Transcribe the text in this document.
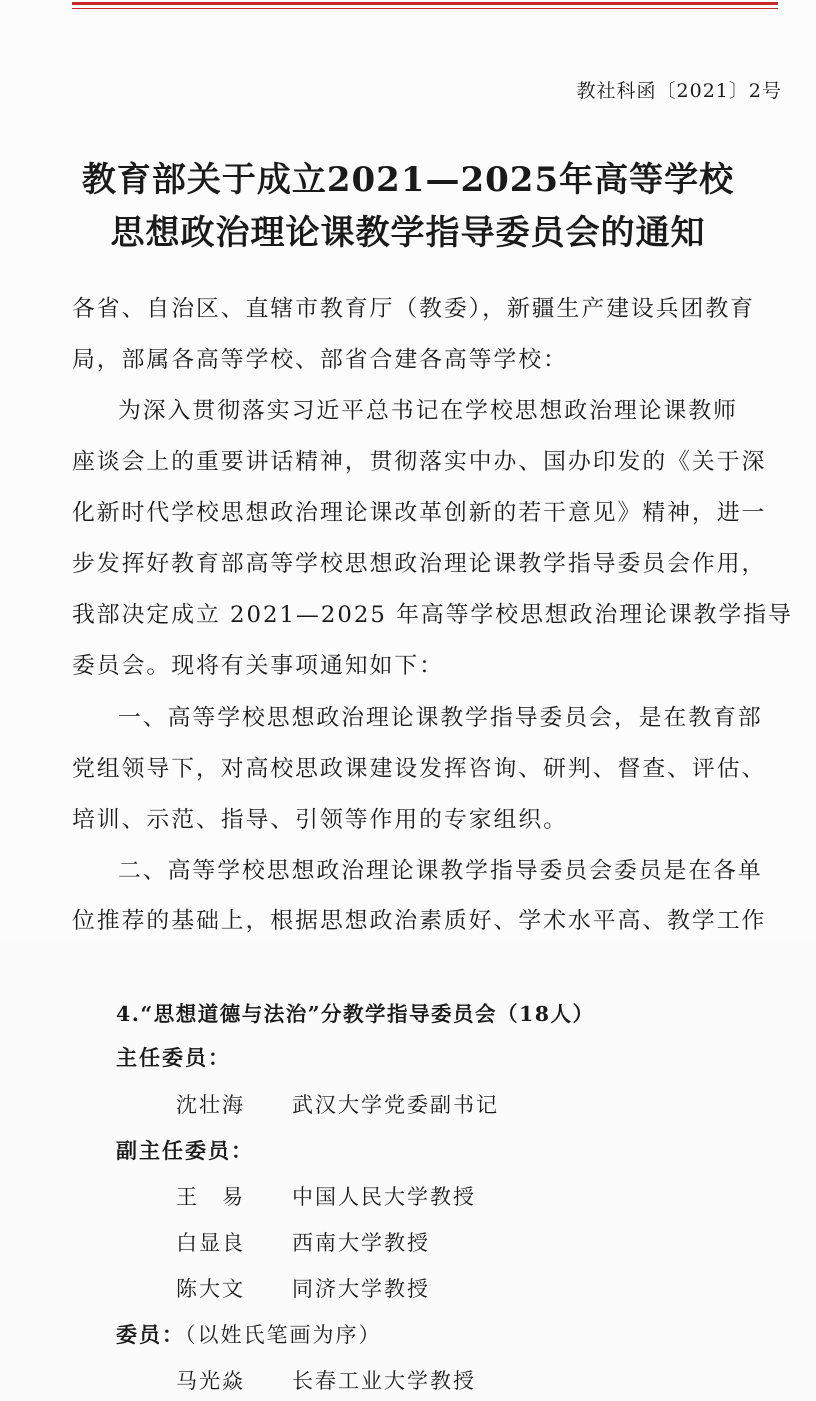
教社科函〔2021〕2号
教育部关于成立2021—2025年高等学校
思想政治理论课教学指导委员会的通知
各省、自治区、直辖市教育厅（教委），新疆生产建设兵团教育
局，部属各高等学校、部省合建各高等学校：
为深入贯彻落实习近平总书记在学校思想政治理论课教师
座谈会上的重要讲话精神，贯彻落实中办、国办印发的《关于深
化新时代学校思想政治理论课改革创新的若干意见》精神，进一
步发挥好教育部高等学校思想政治理论课教学指导委员会作用，
我部决定成立 2021—2025 年高等学校思想政治理论课教学指导
委员会。现将有关事项通知如下：
一、高等学校思想政治理论课教学指导委员会，是在教育部
党组领导下，对高校思政课建设发挥咨询、研判、督查、评估、
培训、示范、指导、引领等作用的专家组织。
二、高等学校思想政治理论课教学指导委员会委员是在各单
位推荐的基础上，根据思想政治素质好、学术水平高、教学工作
4.“思想道德与法治”分教学指导委员会（18人）
主任委员：
沈壮海 武汉大学党委副书记
副主任委员：
王　易 中国人民大学教授
白显良 西南大学教授
陈大文 同济大学教授
委员：（以姓氏笔画为序）
马光焱 长春工业大学教授
